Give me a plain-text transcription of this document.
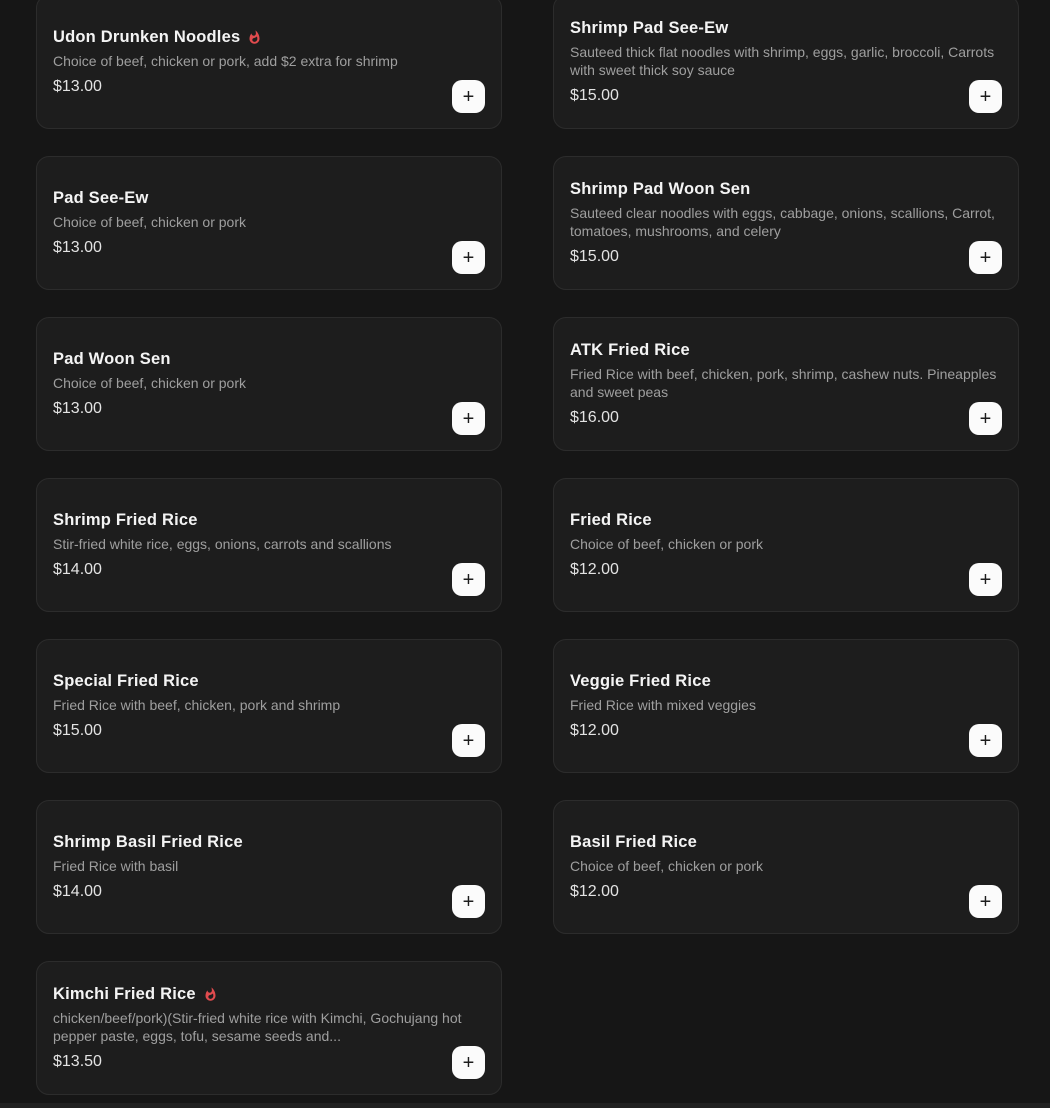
Udon Drunken Noodles

Choice of beef, chicken or pork, add $2 extra for shrimp

$13.00	+
Shrimp Pad See-Ew

Sauteed thick flat noodles with shrimp, eggs, garlic, broccoli, Carrots with sweet thick soy sauce

$15.00	+
Pad See-Ew

Choice of beef, chicken or pork

$13.00	+
Shrimp Pad Woon Sen

Sauteed clear noodles with eggs, cabbage, onions, scallions, Carrot, tomatoes, mushrooms, and celery

$15.00	+
Pad Woon Sen

Choice of beef, chicken or pork

$13.00	+
ATK Fried Rice

Fried Rice with beef, chicken, pork, shrimp, cashew nuts. Pineapples and sweet peas

$16.00	+
Shrimp Fried Rice

Stir-fried white rice, eggs, onions, carrots and scallions

$14.00	+
Fried Rice

Choice of beef, chicken or pork

$12.00	+
Special Fried Rice

Fried Rice with beef, chicken, pork and shrimp

$15.00	+
Veggie Fried Rice

Fried Rice with mixed veggies

$12.00	+
Shrimp Basil Fried Rice

Fried Rice with basil

$14.00	+
Basil Fried Rice

Choice of beef, chicken or pork

$12.00	+
Kimchi Fried Rice

chicken/beef/pork)(Stir-fried white rice with Kimchi, Gochujang hot pepper paste, eggs, tofu, sesame seeds and...

$13.50	+
